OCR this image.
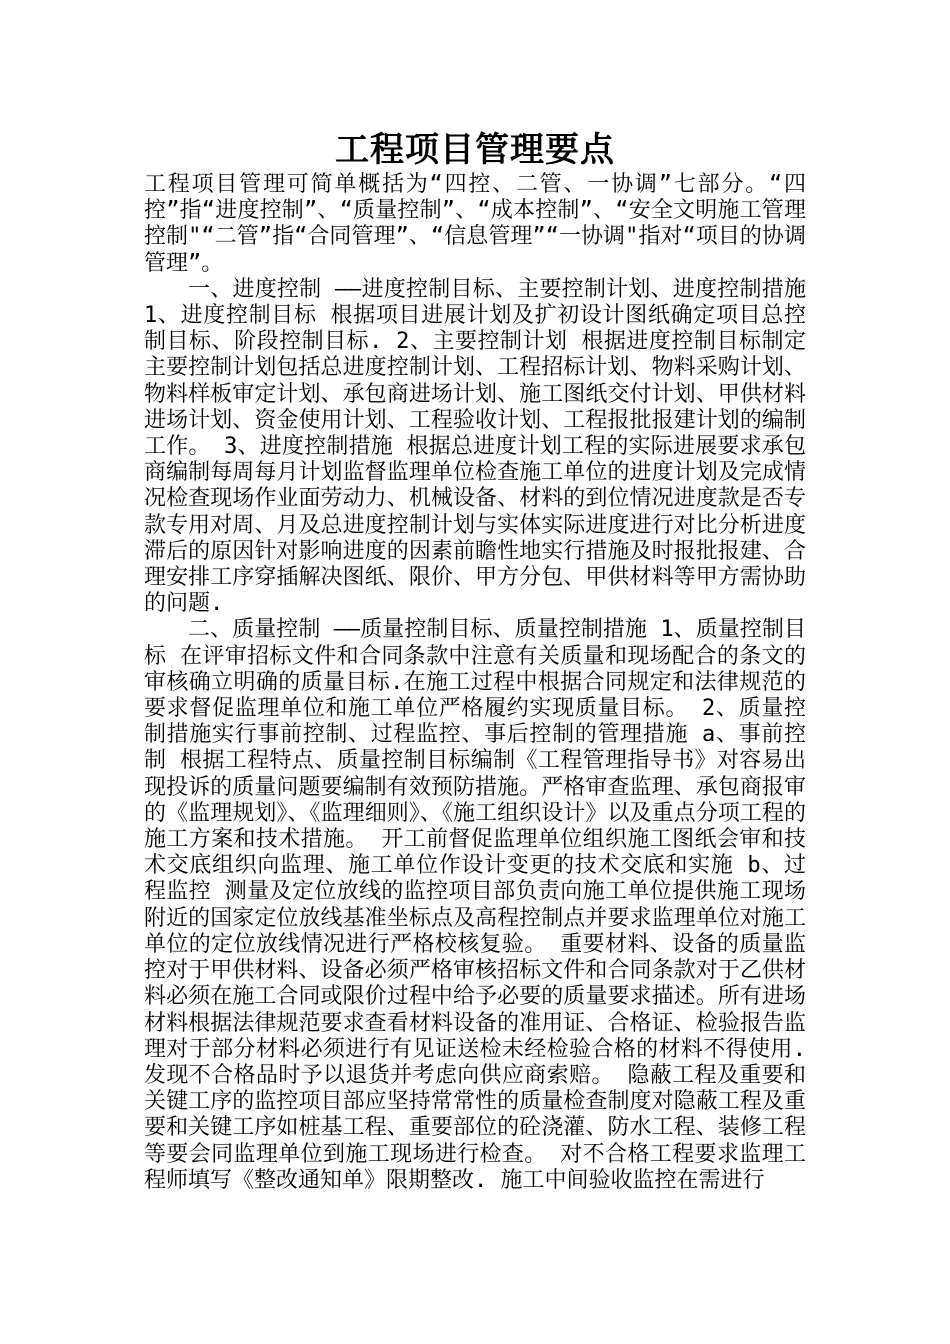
工程项目管理要点

工程项目管理可简单概括为“四控、二管、一协调”七部分。“四控”指“进度控制”、“质量控制”、“成本控制”、“安全文明施工管理控制"“二管”指“合同管理”、“信息管理”“一协调"指对“项目的协调管理”。

一、进度控制 ——进度控制目标、主要控制计划、进度控制措施 1、进度控制目标 根据项目进展计划及扩初设计图纸确定项目总控制目标、阶段控制目标. 2、主要控制计划 根据进度控制目标制定主要控制计划包括总进度控制计划、工程招标计划、物料采购计划、物料样板审定计划、承包商进场计划、施工图纸交付计划、甲供材料进场计划、资金使用计划、工程验收计划、工程报批报建计划的编制工作。 3、进度控制措施 根据总进度计划工程的实际进展要求承包商编制每周每月计划监督监理单位检查施工单位的进度计划及完成情况检查现场作业面劳动力、机械设备、材料的到位情况进度款是否专款专用对周、月及总进度控制计划与实体实际进度进行对比分析进度滞后的原因针对影响进度的因素前瞻性地实行措施及时报批报建、合理安排工序穿插解决图纸、限价、甲方分包、甲供材料等甲方需协助的问题.

二、质量控制 ——质量控制目标、质量控制措施 1、质量控制目标 在评审招标文件和合同条款中注意有关质量和现场配合的条文的审核确立明确的质量目标.在施工过程中根据合同规定和法律规范的要求督促监理单位和施工单位严格履约实现质量目标。 2、质量控制措施实行事前控制、过程监控、事后控制的管理措施 a、事前控制 根据工程特点、质量控制目标编制《工程管理指导书》对容易出现投诉的质量问题要编制有效预防措施。严格审查监理、承包商报审的《监理规划》、《监理细则》、《施工组织设计》以及重点分项工程的施工方案和技术措施。 开工前督促监理单位组织施工图纸会审和技术交底组织向监理、施工单位作设计变更的技术交底和实施 b、过程监控 测量及定位放线的监控项目部负责向施工单位提供施工现场附近的国家定位放线基准坐标点及高程控制点并要求监理单位对施工单位的定位放线情况进行严格校核复验。 重要材料、设备的质量监控对于甲供材料、设备必须严格审核招标文件和合同条款对于乙供材料必须在施工合同或限价过程中给予必要的质量要求描述。所有进场材料根据法律规范要求查看材料设备的准用证、合格证、检验报告监理对于部分材料必须进行有见证送检未经检验合格的材料不得使用.发现不合格品时予以退货并考虑向供应商索赔。 隐蔽工程及重要和关键工序的监控项目部应坚持常常性的质量检查制度对隐蔽工程及重要和关键工序如桩基工程、重要部位的砼浇灌、防水工程、装修工程等要会同监理单位到施工现场进行检查。 对不合格工程要求监理工程师填写《整改通知单》限期整改. 施工中间验收监控在需进行
